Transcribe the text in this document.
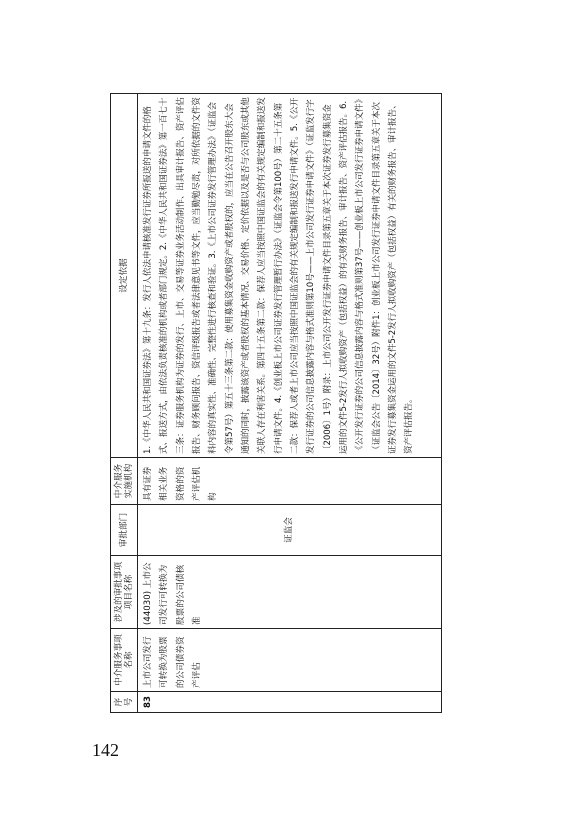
序号	中介服务事项名称	涉及的审批事项项目名称	审批部门	中介服务实施机构	设定依据
83	上市公司发行可转换为股票的公司债券资产评估	(44030) 上市公司发行可转换为股票的公司债核准	证监会	具有证券相关业务资格的资产评估机构	1.《中华人民共和国证券法》第十九条：发行人依法申请核准发行证券所报送的申请文件的格式、报送方式，由依法负责核准的机构或者部门规定。2.《中华人民共和国证券法》第一百七十三条：证券服务机构为证券的发行、上市、交易等证券业务活动制作、出具审计报告、资产评估报告、财务顾问报告、资信评级报告或者法律意见书等文件，应当勤勉尽责，对所依据的文件资料内容的真实性、准确性、完整性进行核查和验证。3.《上市公司证券发行管理办法》（证监会令第57号）第五十三条第二款：使用募集资金收购资产或者股权的，应当在公告召开股东大会通知的同时，披露该资产或者股权的基本情况、交易价格、定价依据以及是否与公司股东或其他关联人存在利害关系。第四十五条第二款：保荐人应当按照中国证监会的有关规定编制和报送发行申请文件。4.《创业板上市公司证券发行管理暂行办法》（证监会令第100号）第二十五条第二款：保荐人或者上市公司应当按照中国证监会的有关规定编制和报送发行申请文件。5.《公开发行证券的公司信息披露内容与格式准则第10号——上市公司发行证券申请文件》（证监发行字〔2006〕1号）附录：上市公司公开发行证券申请文件目录第五章关于本次证券发行募集资金运用的文件5-2发行人拟收购资产（包括权益）的有关财务报告、审计报告、资产评估报告。6.《公开发行证券的公司信息披露内容与格式准则第37号——创业板上市公司发行证券申请文件》（证监会公告〔2014〕32号）附件1：创业板上市公司发行证券申请文件目录第五章关于本次证券发行募集资金运用的文件5-2发行人拟收购资产（包括权益）有关的财务报告、审计报告、资产评估报告。
142
